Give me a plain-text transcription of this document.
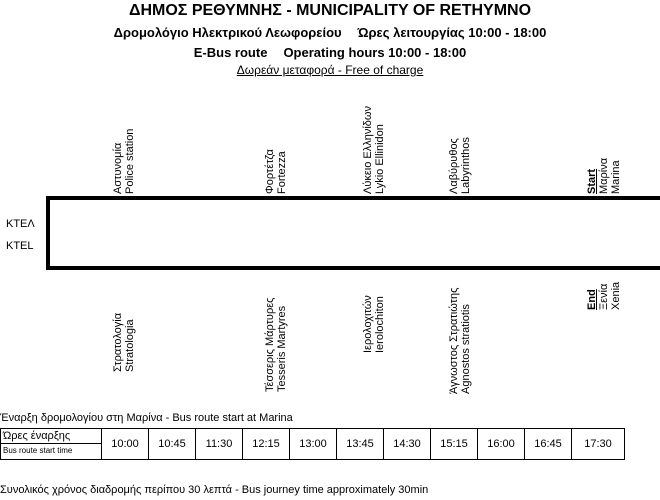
ΔΗΜΟΣ ΡΕΘΥΜΝΗΣ - MUNICIPALITY OF RETHYMNO
Δρομολόγιο Ηλεκτρικού Λεωφορείου Ώρες λειτουργίας 10:00 - 18:00
E-Bus route Operating hours 10:00 - 18:00
Δωρεάν μεταφορά - Free of charge
ΚΤΕΛ
KTEL
Αστυνομία Police station	Φορτέτζα Fortezza	Λύκειο Ελληνίδων Lykio Ellinidon	Λαβύρυθος Labyrinthos	Start Μαρίνα Marina
Στρατολογία Stratologia	Τέσσερις Μάρτυρες Tesseris Martyres	Ιερολοχιτών Ierolochiton	Άγνωστος Στρατιώτης Agnostos stratiotis
End Ξενία Xenia
Έναρξη δρομολογίου στη Μαρίνα - Bus route start at Marina
Ώρες έναρξης
Bus route start time
	10:00	10:45	11:30	12:15	13:00	13:45	14:30	15:15	16:00	16:45	17:30
Συνολικός χρόνος διαδρομής περίπου 30 λεπτά - Bus journey time approximately 30min
